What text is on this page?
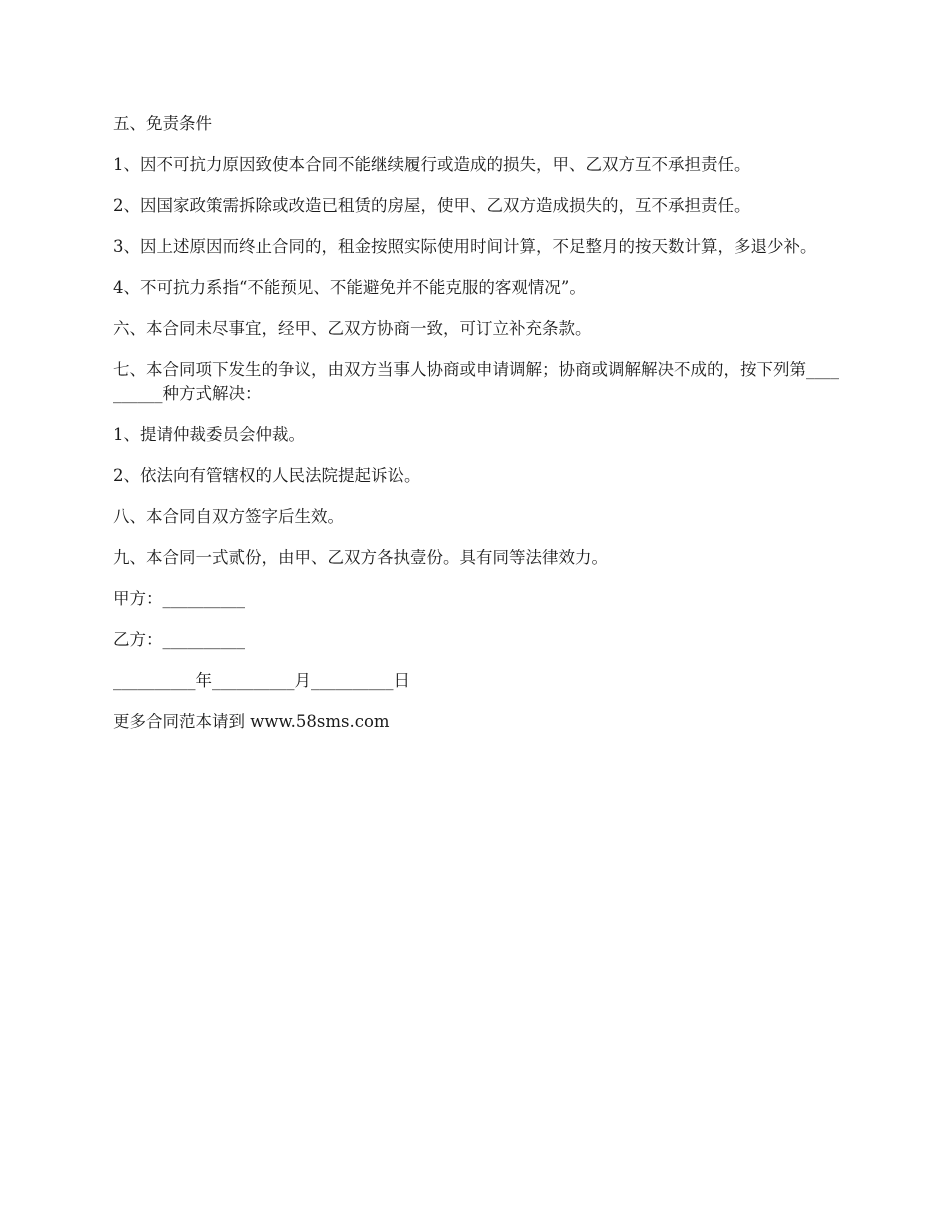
五、免责条件

1、因不可抗力原因致使本合同不能继续履行或造成的损失，甲、乙双方互不承担责任。

2、因国家政策需拆除或改造已租赁的房屋，使甲、乙双方造成损失的，互不承担责任。

3、因上述原因而终止合同的，租金按照实际使用时间计算，不足整月的按天数计算，多退少补。

4、不可抗力系指“不能预见、不能避免并不能克服的客观情况”。

六、本合同未尽事宜，经甲、乙双方协商一致，可订立补充条款。

七、本合同项下发生的争议，由双方当事人协商或申请调解；协商或调解解决不成的，按下列第__________种方式解决：

1、提请仲裁委员会仲裁。

2、依法向有管辖权的人民法院提起诉讼。

八、本合同自双方签字后生效。

九、本合同一式贰份，由甲、乙双方各执壹份。具有同等法律效力。

甲方：__________

乙方：__________

__________年__________月__________日

更多合同范本请到 www.58sms.com
